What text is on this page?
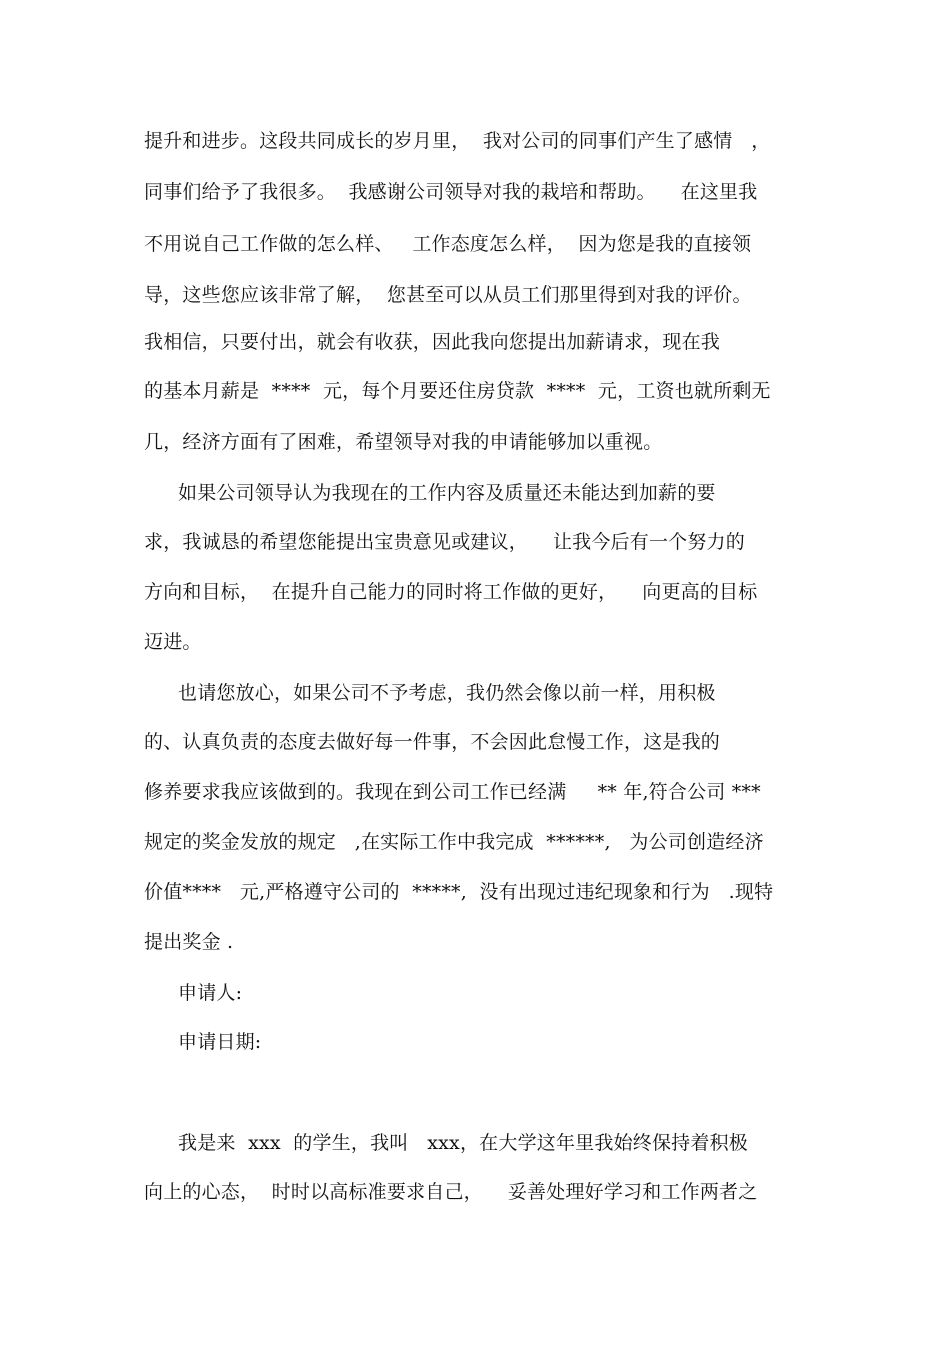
提升和进步。这段共同成长的岁月里，  我对公司的同事们产生了感情   ，
同事们给予了我很多。  我感谢公司领导对我的栽培和帮助。    在这里我
不用说自己工作做的怎么样、   工作态度怎么样，  因为您是我的直接领
导，这些您应该非常了解，  您甚至可以从员工们那里得到对我的评价。
我相信，只要付出，就会有收获，因此我向您提出加薪请求，现在我
的基本月薪是  ****  元，每个月要还住房贷款  ****  元，工资也就所剩无
几，经济方面有了困难，希望领导对我的申请能够加以重视。
如果公司领导认为我现在的工作内容及质量还未能达到加薪的要
求，我诚恳的希望您能提出宝贵意见或建议，    让我今后有一个努力的
方向和目标，  在提升自己能力的同时将工作做的更好，    向更高的目标
迈进。
也请您放心，如果公司不予考虑，我仍然会像以前一样，用积极
的、认真负责的态度去做好每一件事，不会因此怠慢工作，这是我的
修养要求我应该做到的。我现在到公司工作已经满     ** 年,符合公司 ***
规定的奖金发放的规定   ,在实际工作中我完成  ******,   为公司创造经济
价值****   元,严格遵守公司的  *****,  没有出现过违纪现象和行为   .现特
提出奖金 .
申请人:
申请日期:
我是来  xxx  的学生，我叫   xxx，在大学这年里我始终保持着积极
向上的心态，  时时以高标准要求自己，    妥善处理好学习和工作两者之
